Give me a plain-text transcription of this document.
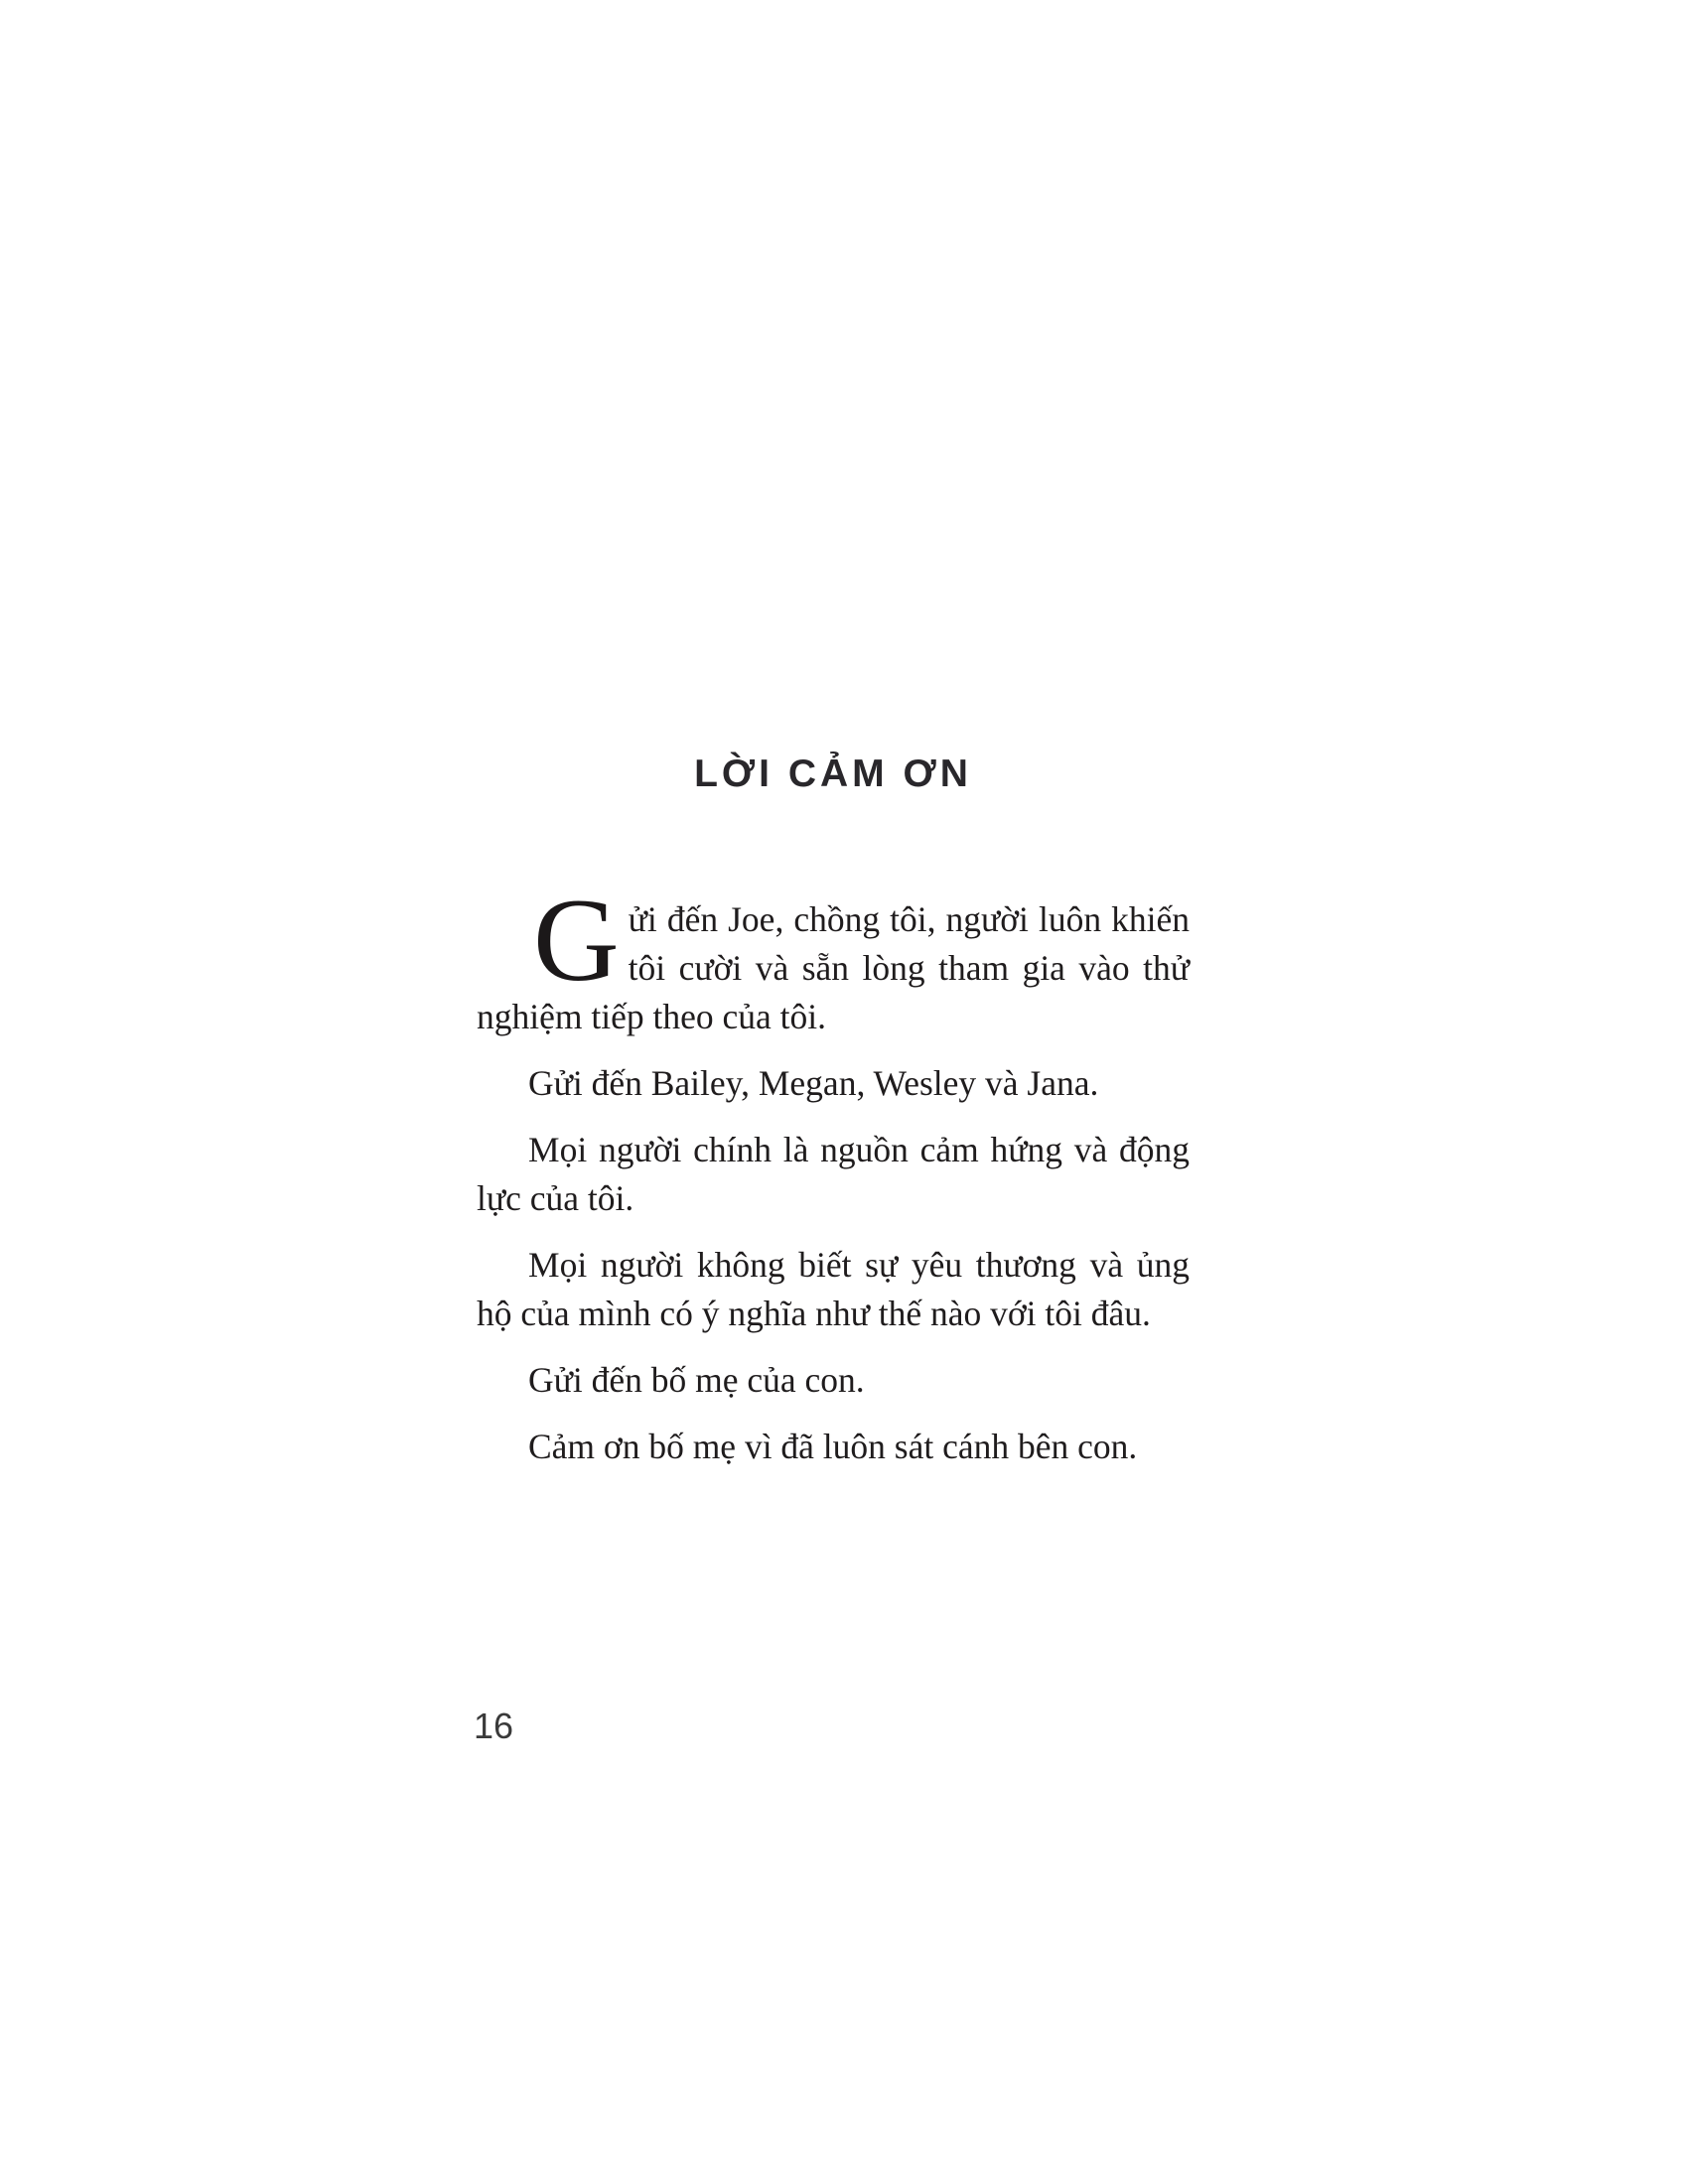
LỜI CẢM ƠN

Gửi đến Joe, chồng tôi, người luôn khiến tôi cười và sẵn lòng tham gia vào thử nghiệm tiếp theo của tôi.

Gửi đến Bailey, Megan, Wesley và Jana.

Mọi người chính là nguồn cảm hứng và động lực của tôi.

Mọi người không biết sự yêu thương và ủng hộ của mình có ý nghĩa như thế nào với tôi đâu.

Gửi đến bố mẹ của con.

Cảm ơn bố mẹ vì đã luôn sát cánh bên con.

16
